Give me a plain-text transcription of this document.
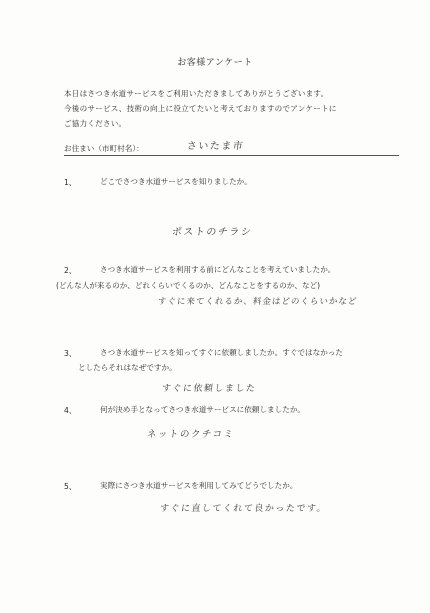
お客様アンケート

本日はさつき水道サービスをご利用いただきましてありがとうございます。

今後のサービス、技術の向上に役立てたいと考えておりますのでアンケートに

ご協力ください。

お住まい（市町村名）：	さいたま市
1、	どこでさつき水道サービスを知りましたか。
ポストのチラシ
2、	さつき水道サービスを利用する前にどんなことを考えていましたか。
(どんな人が来るのか、どれくらいでくるのか、どんなことをするのか、など)
すぐに来てくれるか、料金はどのくらいかなど
3、	さつき水道サービスを知ってすぐに依頼しましたか。すぐではなかった
としたらそれはなぜですか。
すぐに依頼しました
4、	何が決め手となってさつき水道サービスに依頼しましたか。
ネットのクチコミ
5、	実際にさつき水道サービスを利用してみてどうでしたか。
すぐに直してくれて良かったです。
